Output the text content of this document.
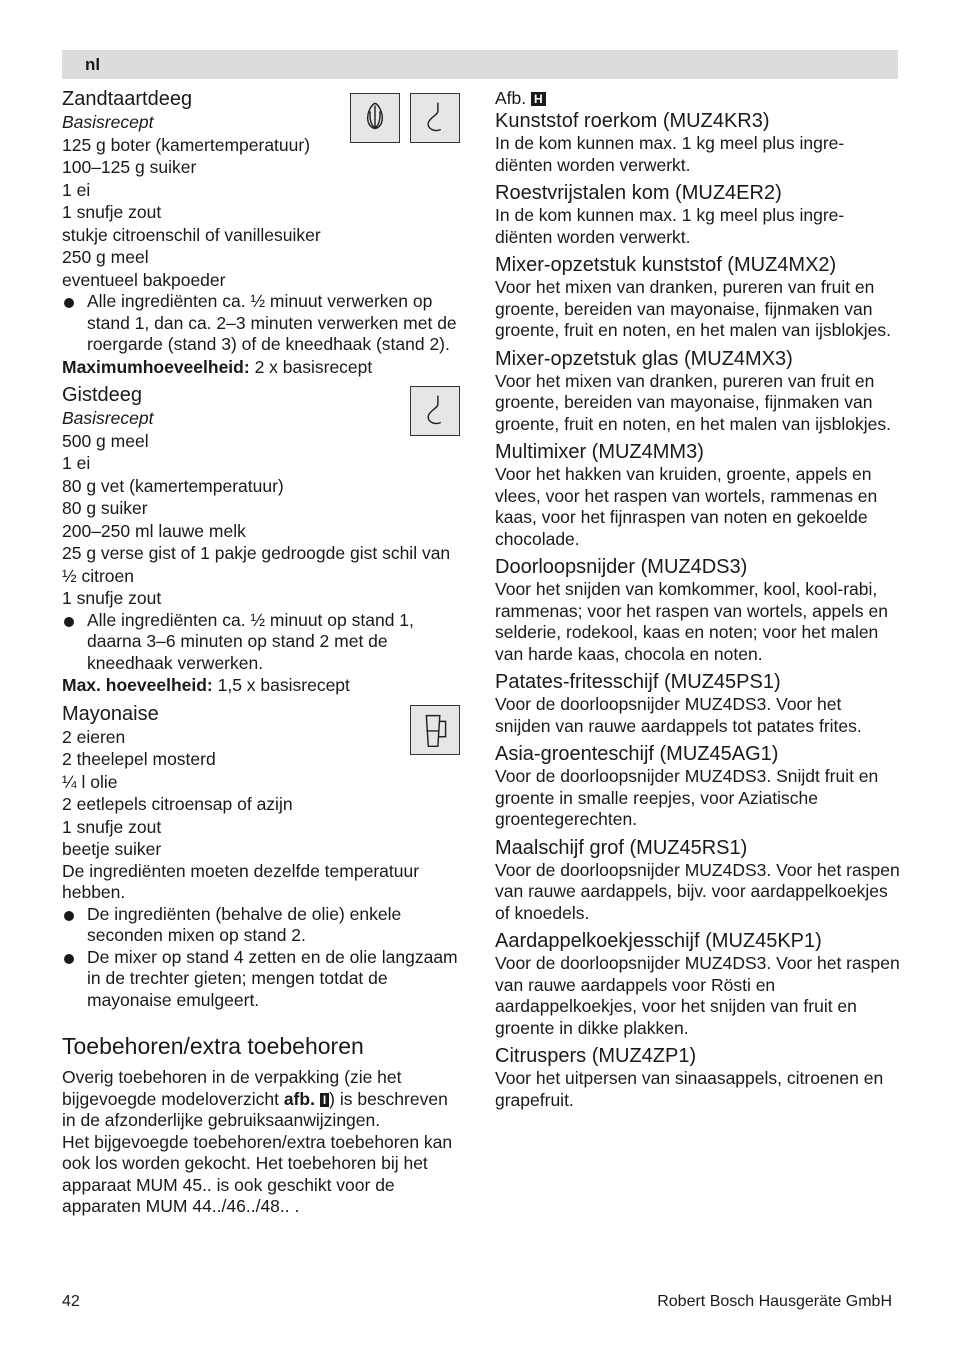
nl
Zandtaartdeeg
Basisrecept
125 g boter (kamertemperatuur)
100–125 g suiker
1 ei
1 snufje zout
stukje citroenschil of vanillesuiker
250 g meel
eventueel bakpoeder
Alle ingrediënten ca. ½ minuut verwerken op stand 1, dan ca. 2–3 minuten verwerken met de roergarde (stand 3) of de kneedhaak (stand 2).
Maximumhoeveelheid: 2 x basisrecept
Gistdeeg
Basisrecept
500 g meel
1 ei
80 g vet (kamertemperatuur)
80 g suiker
200–250 ml lauwe melk
25 g verse gist of 1 pakje gedroogde gist schil van ½ citroen
1 snufje zout
Alle ingrediënten ca. ½ minuut op stand 1, daarna 3–6 minuten op stand 2 met de kneedhaak verwerken.
Max. hoeveelheid: 1,5 x basisrecept
Mayonaise
2 eieren
2 theelepel mosterd
¼ l olie
2 eetlepels citroensap of azijn
1 snufje zout
beetje suiker
De ingrediënten moeten dezelfde temperatuur hebben.
De ingrediënten (behalve de olie) enkele seconden mixen op stand 2.
De mixer op stand 4 zetten en de olie langzaam in de trechter gieten; mengen totdat de mayonaise emulgeert.
Toebehoren/extra toebehoren
Overig toebehoren in de verpakking (zie het bijgevoegde modeloverzicht afb. I ) is beschreven in de afzonderlijke gebruiksaanwijzingen.
Het bijgevoegde toebehoren/extra toebehoren kan ook los worden gekocht. Het toebehoren bij het apparaat MUM 45.. is ook geschikt voor de apparaten MUM 44../46../48.. .
Afb. H
Kunststof roerkom (MUZ4KR3)
In de kom kunnen max. 1 kg meel plus ingre-diënten worden verwerkt.
Roestvrijstalen kom (MUZ4ER2)
In de kom kunnen max. 1 kg meel plus ingre-diënten worden verwerkt.
Mixer-opzetstuk kunststof (MUZ4MX2)
Voor het mixen van dranken, pureren van fruit en groente, bereiden van mayonaise, fijnmaken van groente, fruit en noten, en het malen van ijsblokjes.
Mixer-opzetstuk glas (MUZ4MX3)
Voor het mixen van dranken, pureren van fruit en groente, bereiden van mayonaise, fijnmaken van groente, fruit en noten, en het malen van ijsblokjes.
Multimixer (MUZ4MM3)
Voor het hakken van kruiden, groente, appels en vlees, voor het raspen van wortels, rammenas en kaas, voor het fijnraspen van noten en gekoelde chocolade.
Doorloopsnijder (MUZ4DS3)
Voor het snijden van komkommer, kool, kool-rabi, rammenas; voor het raspen van wortels, appels en selderie, rodekool, kaas en noten; voor het malen van harde kaas, chocola en noten.
Patates-fritesschijf (MUZ45PS1)
Voor de doorloopsnijder MUZ4DS3. Voor het snijden van rauwe aardappels tot patates frites.
Asia-groenteschijf (MUZ45AG1)
Voor de doorloopsnijder MUZ4DS3. Snijdt fruit en groente in smalle reepjes, voor Aziatische groentegerechten.
Maalschijf grof (MUZ45RS1)
Voor de doorloopsnijder MUZ4DS3. Voor het raspen van rauwe aardappels, bijv. voor aardappelkoekjes of knoedels.
Aardappelkoekjesschijf (MUZ45KP1)
Voor de doorloopsnijder MUZ4DS3. Voor het raspen van rauwe aardappels voor Rösti en aardappelkoekjes, voor het snijden van fruit en groente in dikke plakken.
Citruspers (MUZ4ZP1)
Voor het uitpersen van sinaasappels, citroenen en grapefruit.
42	Robert Bosch Hausgeräte GmbH
